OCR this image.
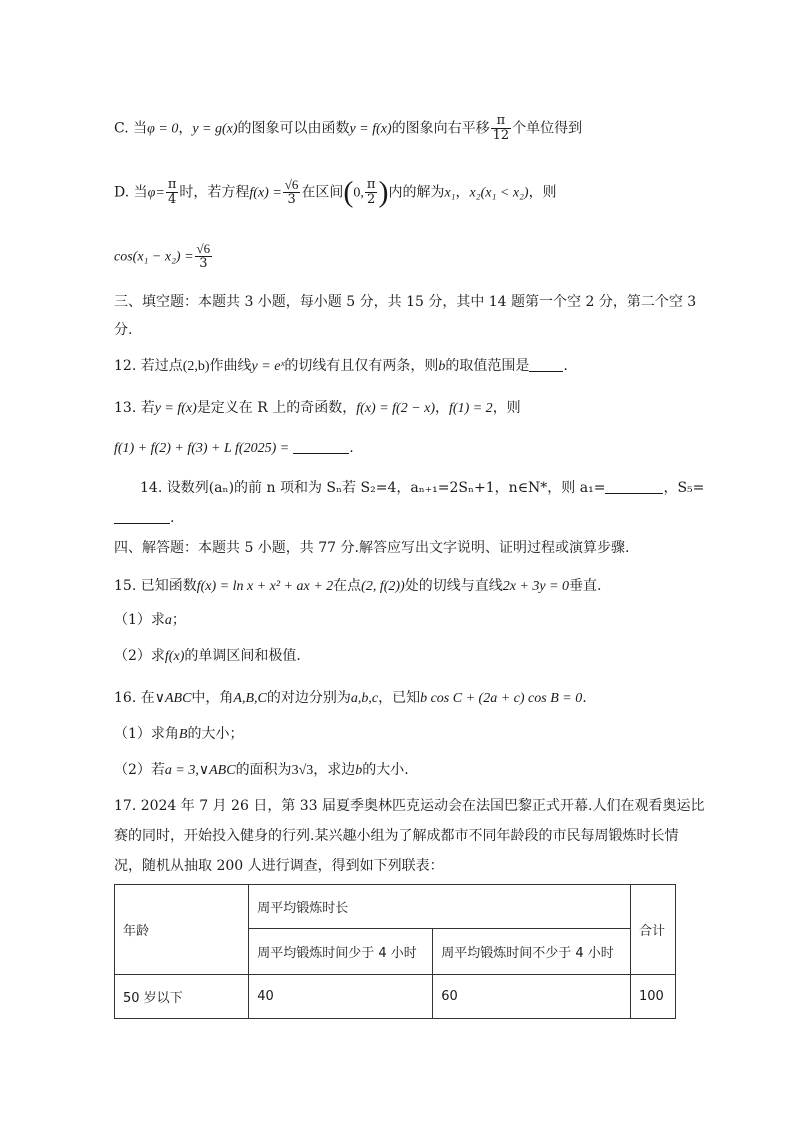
C. 当φ = 0，y = g(x)的图象可以由函数y = f(x)的图象向右平移 $\frac{\pi}{12}$ 个单位得到
D. 当$\varphi= \frac{\pi}{4}$ 时，若方程$f(x) = \frac{√6}{3}$ 在区间(0, $\frac{\pi}{2}$ )内的解为x₁，x₂(x₁ < x₂)，则
$\cos(x_1 - x_2) = \frac{√6}{3}$
三、填空题：本题共 3 小题，每小题 5 分，共 15 分，其中 14 题第一个空 2 分，第二个空 3
分.
12. 若过点(2,b)作曲线y = eˣ的切线有且仅有两条，则b的取值范围是 .
13. 若y = f(x)是定义在 R 上的奇函数，f(x) = f(2 − x)，f(1) = 2，则
f(1) + f(2) + f(3) + L f(2025) =	.
14. 设数列(aₙ)的前 n 项和为 Sₙ若 S₂=4，aₙ₊₁=2Sₙ+1，n∈N*，则 a₁=	，S₅=
.
四、解答题：本题共 5 小题，共 77 分.解答应写出文字说明、证明过程或演算步骤.
15. 已知函数f(x) = ln x + x² + ax + 2在点(2, f(2))处的切线与直线2x + 3y = 0垂直.
（1）求a；
（2）求f(x)的单调区间和极值.
16. 在∨ABC中，角A,B,C的对边分别为a,b,c，已知b cos C + (2a + c) cos B = 0.
（1）求角B的大小；
（2）若a = 3,∨ABC的面积为3√3，求边b的大小.
17. 2024 年 7 月 26 日，第 33 届夏季奥林匹克运动会在法国巴黎正式开幕.人们在观看奥运比
赛的同时，开始投入健身的行列.某兴趣小组为了解成都市不同年龄段的市民每周锻炼时长情
况，随机从抽取 200 人进行调查，得到如下列联表：
年龄	周平均锻炼时长		合计
	周平均锻炼时间少于 4 小时	周平均锻炼时间不少于 4 小时	
50 岁以下	40	60	100
